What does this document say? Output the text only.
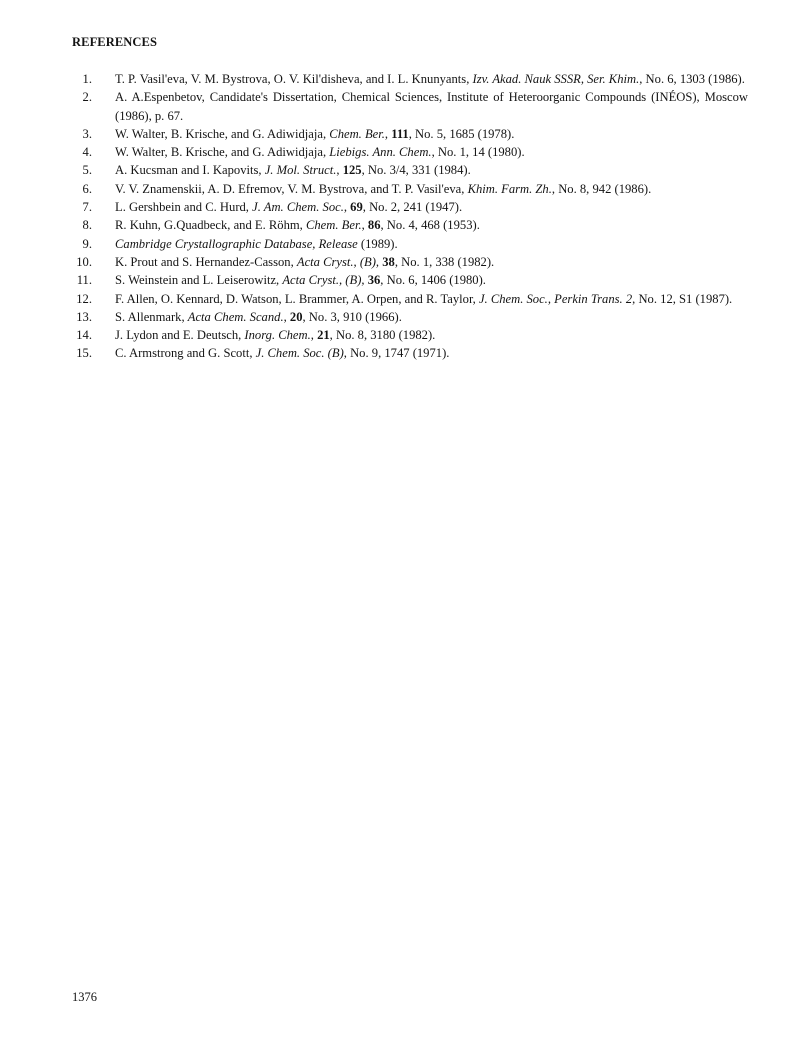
REFERENCES
1. T. P. Vasil'eva, V. M. Bystrova, O. V. Kil'disheva, and I. L. Knunyants, Izv. Akad. Nauk SSSR, Ser. Khim., No. 6, 1303 (1986).
2. A. A.Espenbetov, Candidate's Dissertation, Chemical Sciences, Institute of Heteroorganic Compounds (INÉOS), Moscow (1986), p. 67.
3. W. Walter, B. Krische, and G. Adiwidjaja, Chem. Ber., 111, No. 5, 1685 (1978).
4. W. Walter, B. Krische, and G. Adiwidjaja, Liebigs. Ann. Chem., No. 1, 14 (1980).
5. A. Kucsman and I. Kapovits, J. Mol. Struct., 125, No. 3/4, 331 (1984).
6. V. V. Znamenskii, A. D. Efremov, V. M. Bystrova, and T. P. Vasil'eva, Khim. Farm. Zh., No. 8, 942 (1986).
7. L. Gershbein and C. Hurd, J. Am. Chem. Soc., 69, No. 2, 241 (1947).
8. R. Kuhn, G.Quadbeck, and E. Röhm, Chem. Ber., 86, No. 4, 468 (1953).
9. Cambridge Crystallographic Database, Release (1989).
10. K. Prout and S. Hernandez-Casson, Acta Cryst., (B), 38, No. 1, 338 (1982).
11. S. Weinstein and L. Leiserowitz, Acta Cryst., (B), 36, No. 6, 1406 (1980).
12. F. Allen, O. Kennard, D. Watson, L. Brammer, A. Orpen, and R. Taylor, J. Chem. Soc., Perkin Trans. 2, No. 12, S1 (1987).
13. S. Allenmark, Acta Chem. Scand., 20, No. 3, 910 (1966).
14. J. Lydon and E. Deutsch, Inorg. Chem., 21, No. 8, 3180 (1982).
15. C. Armstrong and G. Scott, J. Chem. Soc. (B), No. 9, 1747 (1971).
1376
